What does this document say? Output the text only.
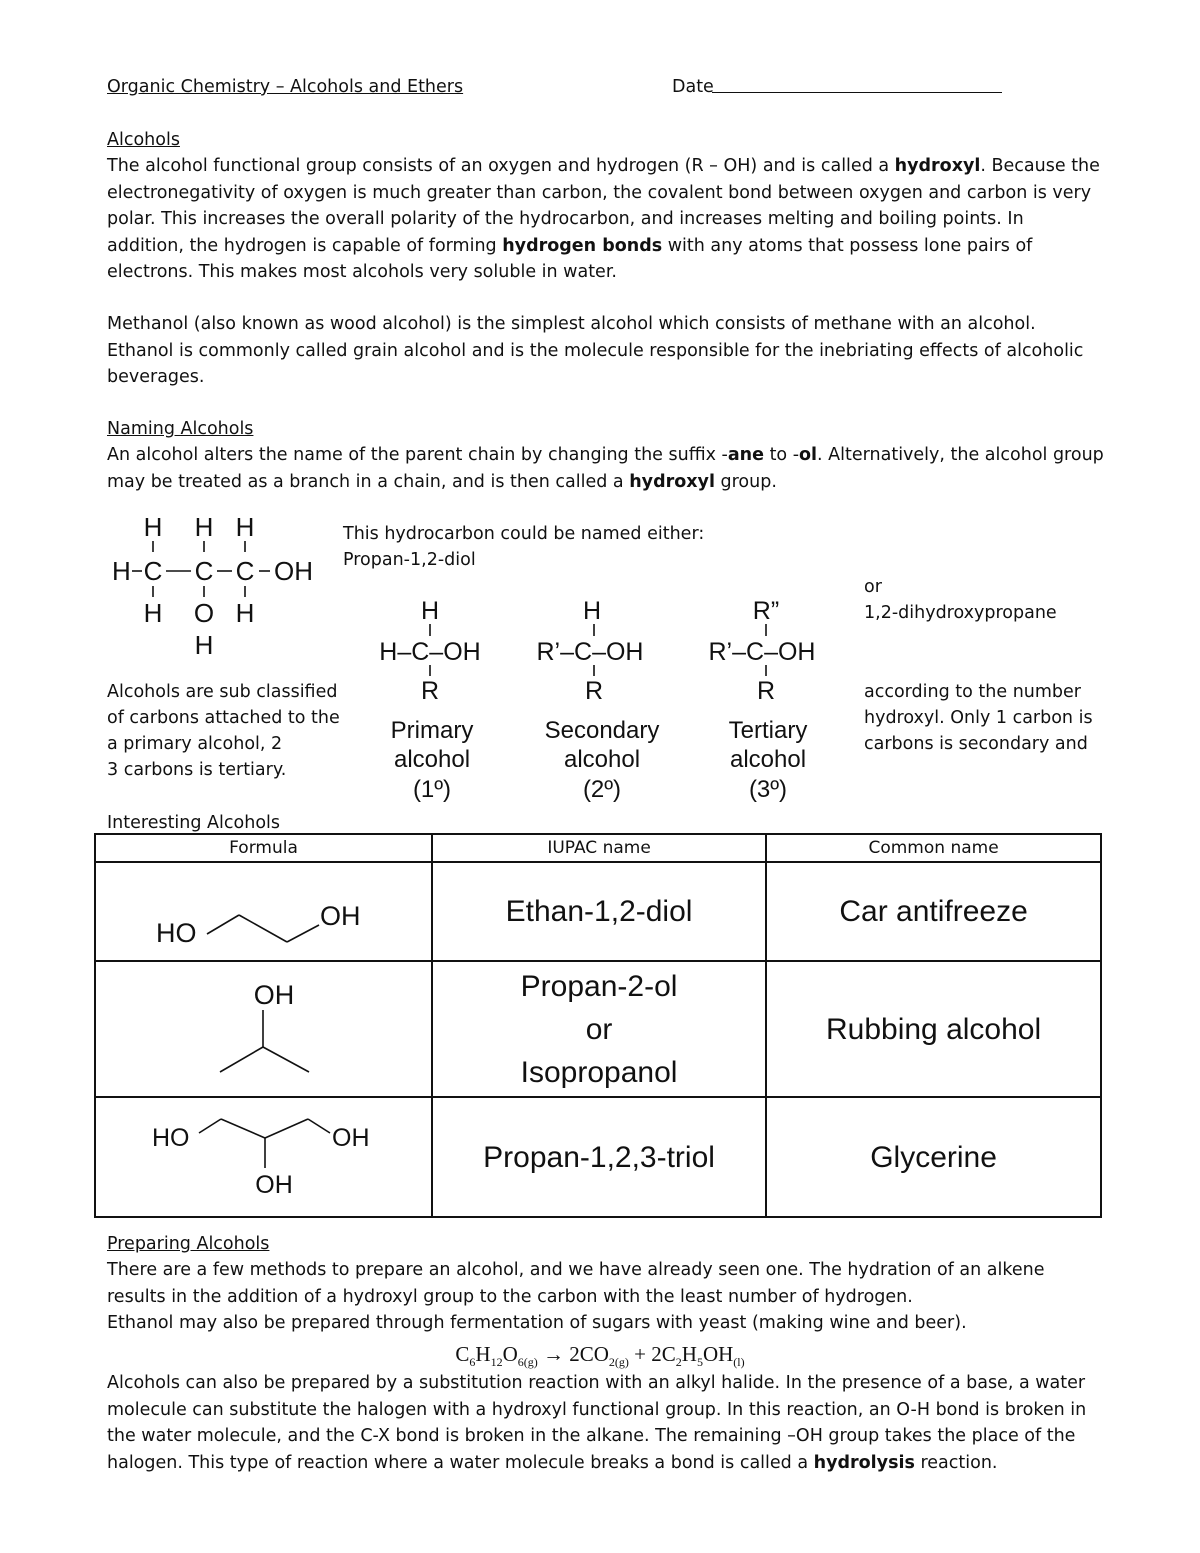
Organic Chemistry – Alcohols and Ethers	Date
Alcohols
The alcohol functional group consists of an oxygen and hydrogen (R – OH) and is called a hydroxyl. Because the
electronegativity of oxygen is much greater than carbon, the covalent bond between oxygen and carbon is very
polar. This increases the overall polarity of the hydrocarbon, and increases melting and boiling points. In
addition, the hydrogen is capable of forming hydrogen bonds with any atoms that possess lone pairs of
electrons. This makes most alcohols very soluble in water.
Methanol (also known as wood alcohol) is the simplest alcohol which consists of methane with an alcohol.
Ethanol is commonly called grain alcohol and is the molecule responsible for the inebriating effects of alcoholic
beverages.
Naming Alcohols
An alcohol alters the name of the parent chain by changing the suffix -ane to -ol. Alternatively, the alcohol group
may be treated as a branch in a chain, and is then called a hydroxyl group.
H H H
H C C C OH
H O H
H
This hydrocarbon could be named either:
Propan-1,2-diol
or
1,2-dihydroxypropane
Alcohols are sub classified
of carbons attached to the
a primary alcohol, 2
3 carbons is tertiary.
according to the number
hydroxyl. Only 1 carbon is
carbons is secondary and
H
H–C–OH
R
H
R’–C–OH
R
R”
R’–C–OH
R
Primary
alcohol
(1º)
Secondary
alcohol
(2º)
Tertiary
alcohol
(3º)
Interesting Alcohols
Formula	IUPAC name	Common name

HO
OH	Ethan-1,2-diol	Car antifreeze

OH	Propan-2-ol
or
Isopropanol	Rubbing alcohol

HO OH
OH	Propan-1,2,3-triol	Glycerine
Preparing Alcohols
There are a few methods to prepare an alcohol, and we have already seen one. The hydration of an alkene
results in the addition of a hydroxyl group to the carbon with the least number of hydrogen.
Ethanol may also be prepared through fermentation of sugars with yeast (making wine and beer).
$C_6H_{12}O_{6(g)} \to 2CO_{2(g)} + 2C_2H_5OH_{(l)}$
Alcohols can also be prepared by a substitution reaction with an alkyl halide. In the presence of a base, a water
molecule can substitute the halogen with a hydroxyl functional group. In this reaction, an O-H bond is broken in
the water molecule, and the C-X bond is broken in the alkane. The remaining –OH group takes the place of the
halogen. This type of reaction where a water molecule breaks a bond is called a hydrolysis reaction.
